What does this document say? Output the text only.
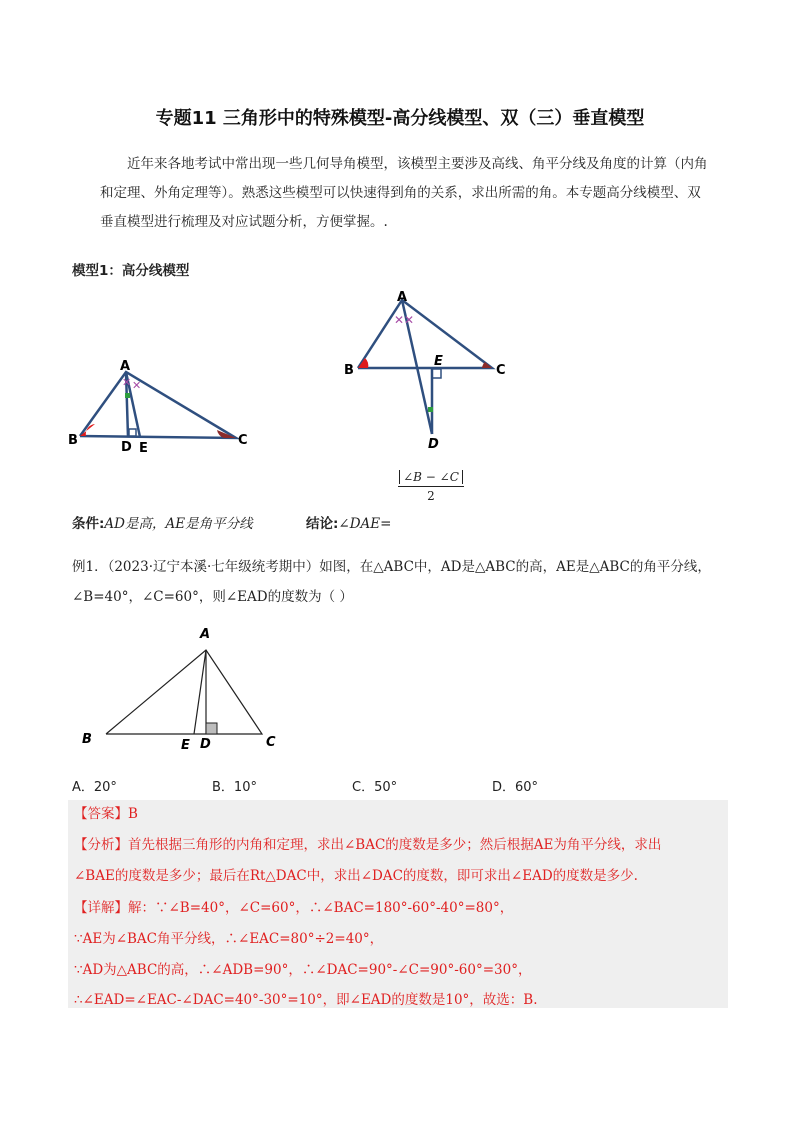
专题11 三角形中的特殊模型-高分线模型、双（三）垂直模型
近年来各地考试中常出现一些几何导角模型，该模型主要涉及高线、角平分线及角度的计算（内角和定理、外角定理等）。熟悉这些模型可以快速得到角的关系，求出所需的角。本专题高分线模型、双垂直模型进行梳理及对应试题分析，方便掌握。.
模型1：高分线模型
✕ ✕
A
B	C
D E
✕✕
A
B	C
D
E
∠B − ∠C
2
条件:AD是高，AE是角平分线	结论:∠DAE=
例1．（2023·辽宁本溪·七年级统考期中）如图，在△ABC中，AD是△ABC的高，AE是△ABC的角平分线，∠B=40°，∠C=60°，则∠EAD的度数为（ ）
A
B	C
D
E
A．20°	B．10°	C．50°	D．60°
【答案】B
【分析】首先根据三角形的内角和定理，求出∠BAC的度数是多少；然后根据AE为角平分线，求出
∠BAE的度数是多少；最后在Rt△DAC中，求出∠DAC的度数，即可求出∠EAD的度数是多少.
【详解】解：∵∠B=40°，∠C=60°，∴∠BAC=180°-60°-40°=80°，
∵AE为∠BAC角平分线，∴∠EAC=80°÷2=40°，
∵AD为△ABC的高，∴∠ADB=90°，∴∠DAC=90°-∠C=90°-60°=30°，
∴∠EAD=∠EAC-∠DAC=40°-30°=10°，即∠EAD的度数是10°，故选：B.
